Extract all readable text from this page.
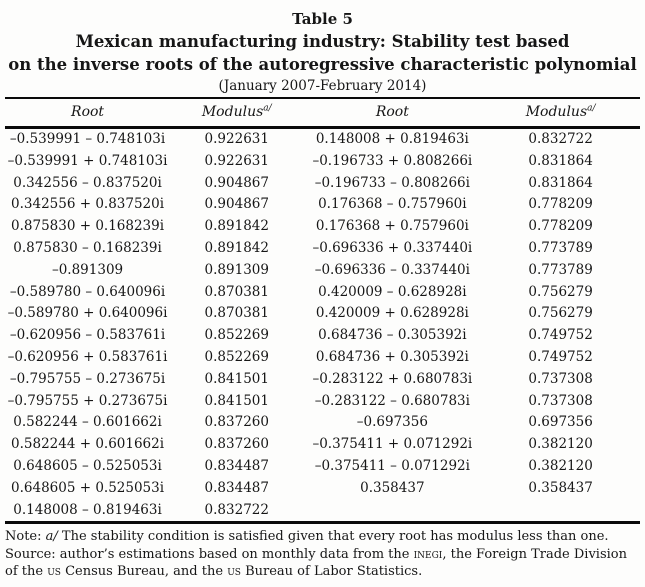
Table 5
Mexican manufacturing industry: Stability test based
on the inverse roots of the autoregressive characteristic polynomial
(January 2007-February 2014)
Root	Modulus$^{a/}$	Root	Modulus$^{a/}$
–0.539991 – 0.748103i	0.922631	0.148008 + 0.819463i	0.832722
–0.539991 + 0.748103i	0.922631	–0.196733 + 0.808266i	0.831864
0.342556 – 0.837520i	0.904867	–0.196733 – 0.808266i	0.831864
0.342556 + 0.837520i	0.904867	0.176368 – 0.757960i	0.778209
0.875830 + 0.168239i	0.891842	0.176368 + 0.757960i	0.778209
0.875830 – 0.168239i	0.891842	–0.696336 + 0.337440i	0.773789
–0.891309	0.891309	–0.696336 – 0.337440i	0.773789
–0.589780 – 0.640096i	0.870381	0.420009 – 0.628928i	0.756279
–0.589780 + 0.640096i	0.870381	0.420009 + 0.628928i	0.756279
–0.620956 – 0.583761i	0.852269	0.684736 – 0.305392i	0.749752
–0.620956 + 0.583761i	0.852269	0.684736 + 0.305392i	0.749752
–0.795755 – 0.273675i	0.841501	–0.283122 + 0.680783i	0.737308
–0.795755 + 0.273675i	0.841501	–0.283122 – 0.680783i	0.737308
0.582244 – 0.601662i	0.837260	–0.697356	0.697356
0.582244 + 0.601662i	0.837260	–0.375411 + 0.071292i	0.382120
0.648605 – 0.525053i	0.834487	–0.375411 – 0.071292i	0.382120
0.648605 + 0.525053i	0.834487	0.358437	0.358437
0.148008 – 0.819463i	0.832722		
Note: a/ The stability condition is satisfied given that every root has modulus less than one.
Source: author’s estimations based on monthly data from the inegi, the Foreign Trade Division of the us Census Bureau, and the us Bureau of Labor Statistics.
